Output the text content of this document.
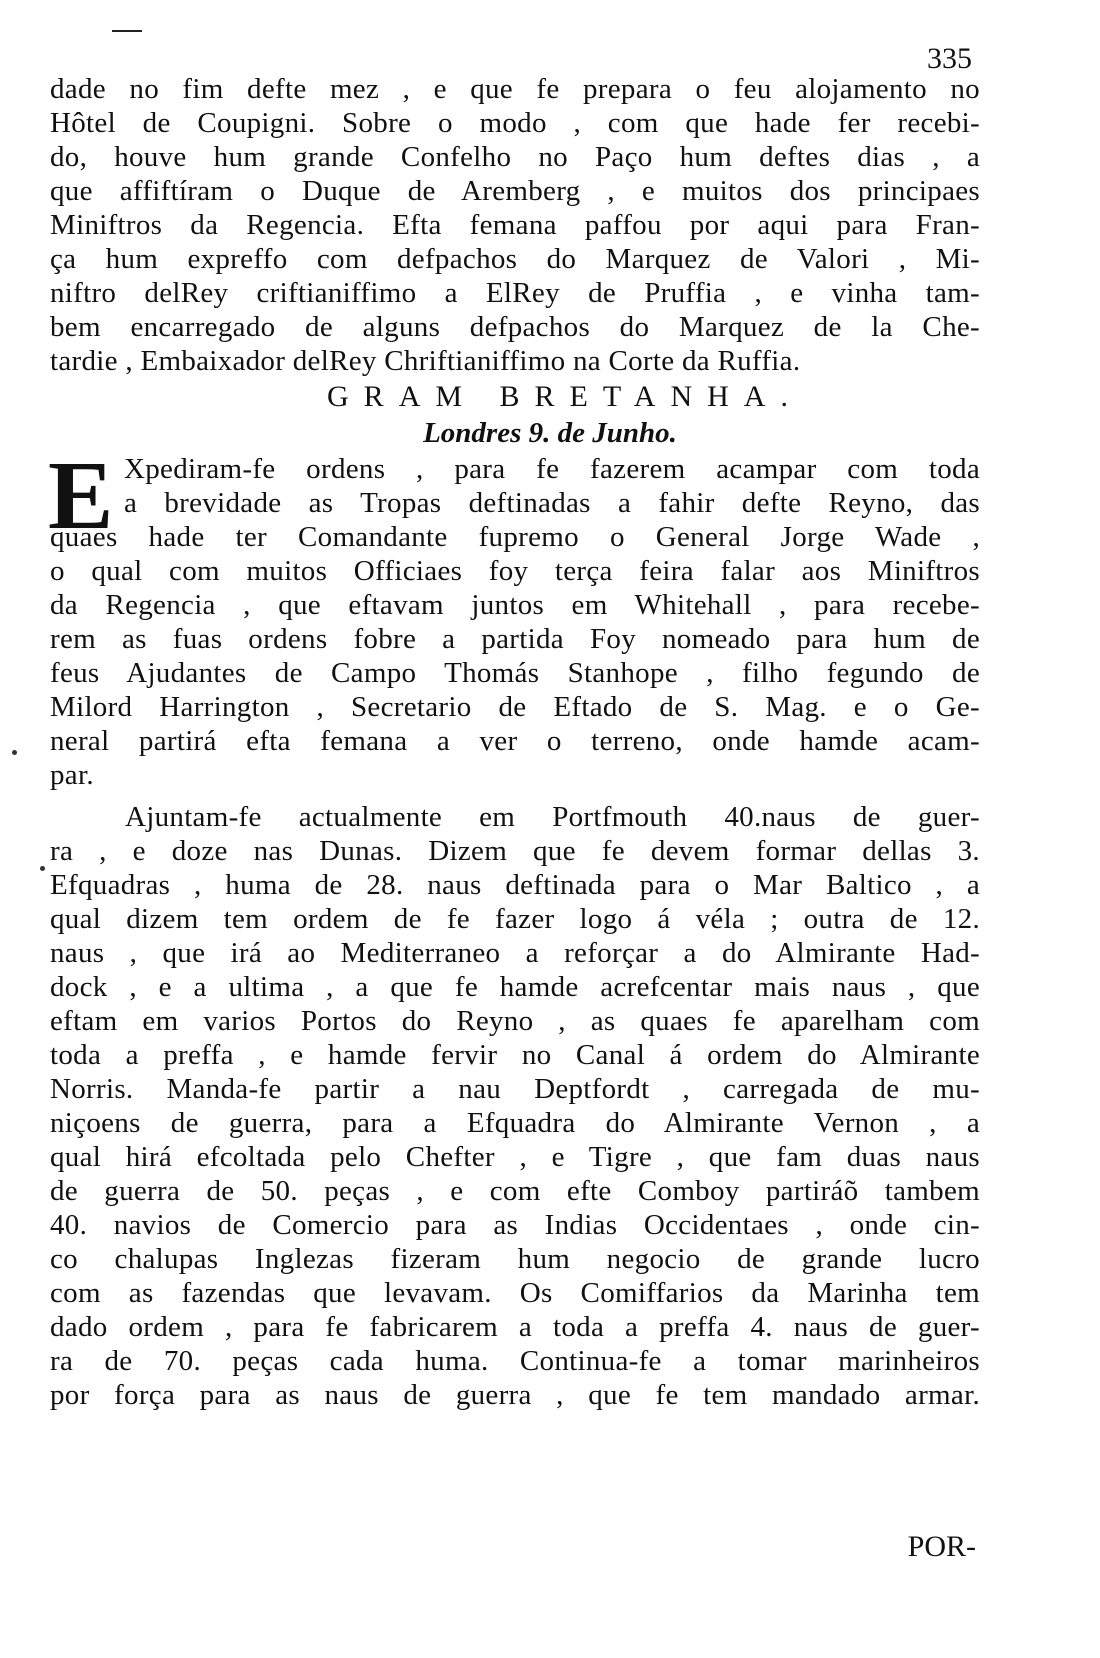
335
dade no fim defte mez , e que fe prepara o feu alojamento no
Hôtel de Coupigni. Sobre o modo , com que hade fer recebi-
do, houve hum grande Confelho no Paço hum deftes dias , a
que affiftíram o Duque de Aremberg , e muitos dos principaes
Miniftros da Regencia. Efta femana paffou por aqui para Fran-
ça hum expreffo com defpachos do Marquez de Valori , Mi-
niftro delRey criftianiffimo a ElRey de Pruffia , e vinha tam-
bem encarregado de alguns defpachos do Marquez de la Che-
tardie , Embaixador delRey Chriftianiffimo na Corte da Ruffia.
GRAM BRETANHA.
Londres 9. de Junho.
E Xpediram-fe ordens , para fe fazerem acampar com toda
a brevidade as Tropas deftinadas a fahir defte Reyno, das
quaes hade ter Comandante fupremo o General Jorge Wade ,
o qual com muitos Officiaes foy terça feira falar aos Miniftros
da Regencia , que eftavam juntos em Whitehall , para recebe-
rem as fuas ordens fobre a partida Foy nomeado para hum de
feus Ajudantes de Campo Thomás Stanhope , filho fegundo de
Milord Harrington , Secretario de Eftado de S. Mag. e o Ge-
neral partirá efta femana a ver o terreno, onde hamde acam-
par.
Ajuntam-fe actualmente em Portfmouth 40.naus de guer-
ra , e doze nas Dunas. Dizem que fe devem formar dellas 3.
Efquadras , huma de 28. naus deftinada para o Mar Baltico , a
qual dizem tem ordem de fe fazer logo á véla ; outra de 12.
naus , que irá ao Mediterraneo a reforçar a do Almirante Had-
dock , e a ultima , a que fe hamde acrefcentar mais naus , que
eftam em varios Portos do Reyno , as quaes fe aparelham com
toda a preffa , e hamde fervir no Canal á ordem do Almirante
Norris. Manda-fe partir a nau Deptfordt , carregada de mu-
niçoens de guerra, para a Efquadra do Almirante Vernon , a
qual hirá efcoltada pelo Chefter , e Tigre , que fam duas naus
de guerra de 50. peças , e com efte Comboy partiráõ tambem
40. navios de Comercio para as Indias Occidentaes , onde cin-
co chalupas Inglezas fizeram hum negocio de grande lucro
com as fazendas que levavam. Os Comiffarios da Marinha tem
dado ordem , para fe fabricarem a toda a preffa 4. naus de guer-
ra de 70. peças cada huma. Continua-fe a tomar marinheiros
por força para as naus de guerra , que fe tem mandado armar.
POR-
